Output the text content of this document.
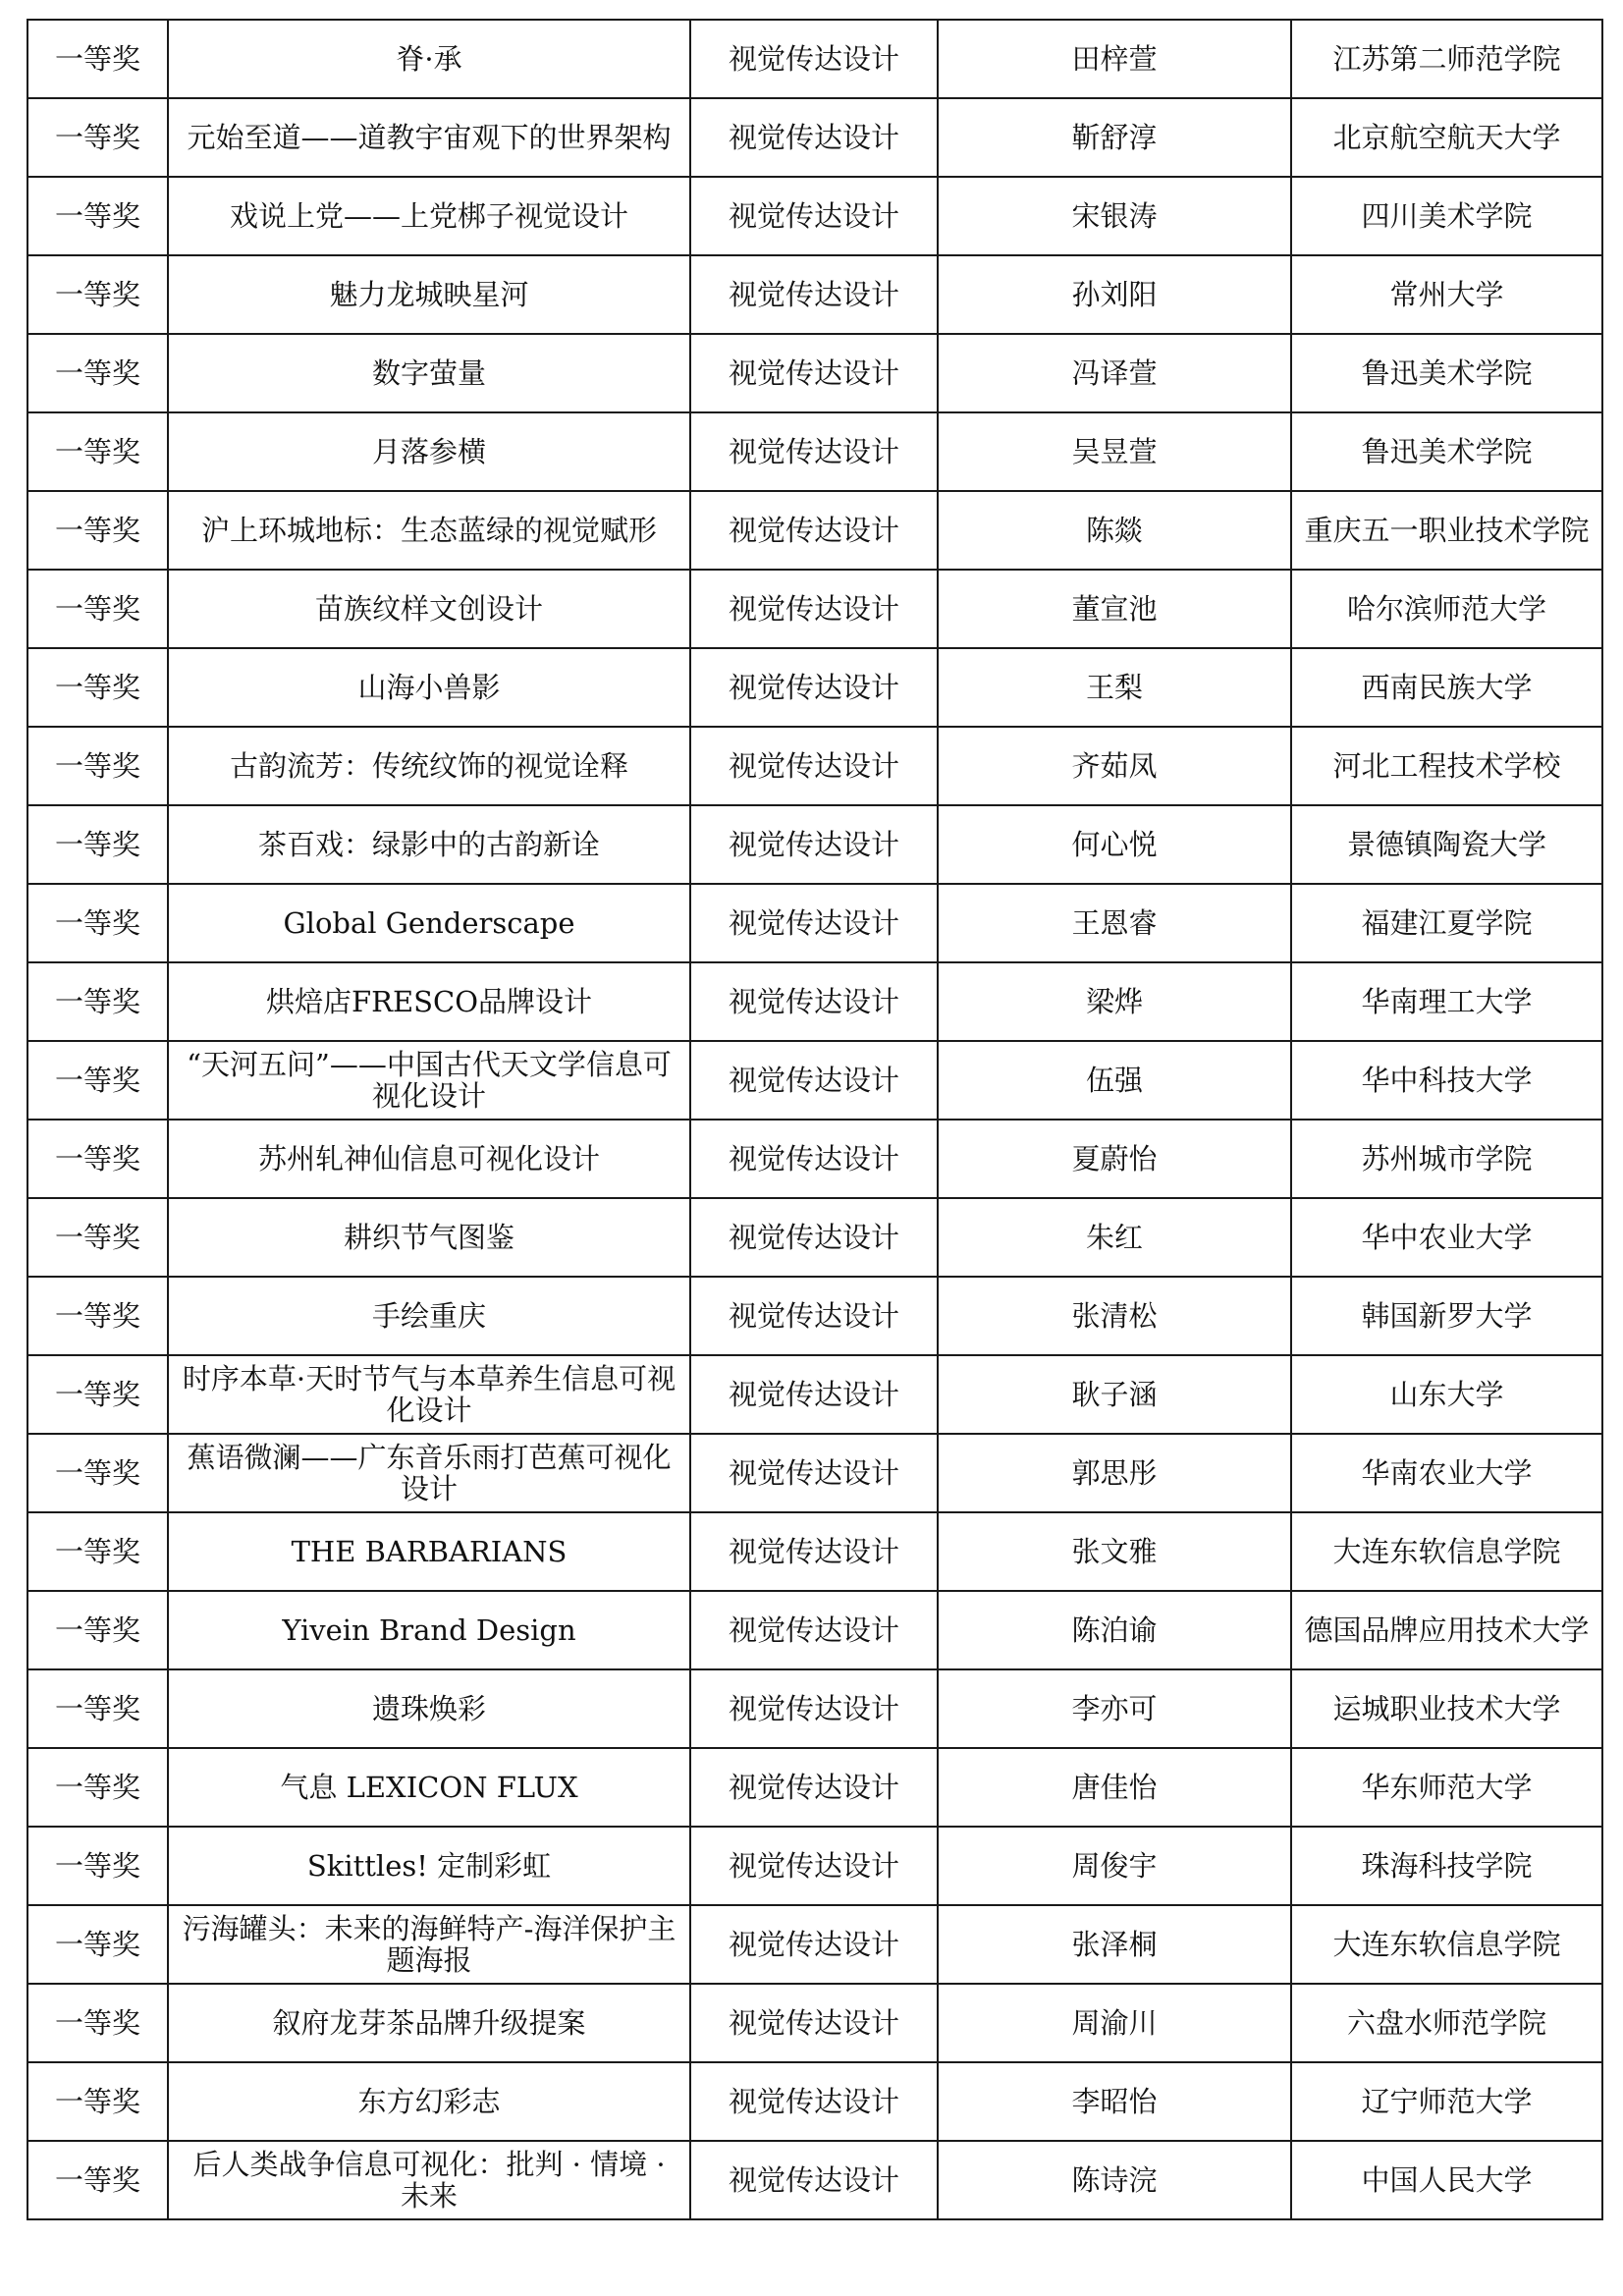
一等奖	脊·承	视觉传达设计	田梓萱	江苏第二师范学院
一等奖	元始至道——道教宇宙观下的世界架构	视觉传达设计	靳舒淳	北京航空航天大学
一等奖	戏说上党——上党梆子视觉设计	视觉传达设计	宋银涛	四川美术学院
一等奖	魅力龙城映星河	视觉传达设计	孙刘阳	常州大学
一等奖	数字萤量	视觉传达设计	冯译萱	鲁迅美术学院
一等奖	月落参横	视觉传达设计	吴昱萱	鲁迅美术学院
一等奖	沪上环城地标：生态蓝绿的视觉赋形	视觉传达设计	陈燚	重庆五一职业技术学院
一等奖	苗族纹样文创设计	视觉传达设计	董宣池	哈尔滨师范大学
一等奖	山海小兽影	视觉传达设计	王梨	西南民族大学
一等奖	古韵流芳：传统纹饰的视觉诠释	视觉传达设计	齐茹凤	河北工程技术学校
一等奖	茶百戏：绿影中的古韵新诠	视觉传达设计	何心悦	景德镇陶瓷大学
一等奖	Global Genderscape	视觉传达设计	王恩睿	福建江夏学院
一等奖	烘焙店FRESCO品牌设计	视觉传达设计	梁烨	华南理工大学
一等奖	“天河五问”——中国古代天文学信息可视化设计	视觉传达设计	伍强	华中科技大学
一等奖	苏州轧神仙信息可视化设计	视觉传达设计	夏蔚怡	苏州城市学院
一等奖	耕织节气图鉴	视觉传达设计	朱红	华中农业大学
一等奖	手绘重庆	视觉传达设计	张清松	韩国新罗大学
一等奖	时序本草·天时节气与本草养生信息可视化设计	视觉传达设计	耿子涵	山东大学
一等奖	蕉语微澜——广东音乐雨打芭蕉可视化设计	视觉传达设计	郭思彤	华南农业大学
一等奖	THE BARBARIANS	视觉传达设计	张文雅	大连东软信息学院
一等奖	Yivein Brand Design	视觉传达设计	陈泊谕	德国品牌应用技术大学
一等奖	遗珠焕彩	视觉传达设计	李亦可	运城职业技术大学
一等奖	气息 LEXICON FLUX	视觉传达设计	唐佳怡	华东师范大学
一等奖	Skittles! 定制彩虹	视觉传达设计	周俊宇	珠海科技学院
一等奖	污海罐头：未来的海鲜特产-海洋保护主题海报	视觉传达设计	张泽桐	大连东软信息学院
一等奖	叙府龙芽茶品牌升级提案	视觉传达设计	周渝川	六盘水师范学院
一等奖	东方幻彩志	视觉传达设计	李昭怡	辽宁师范大学
一等奖	后人类战争信息可视化：批判 · 情境 · 未来	视觉传达设计	陈诗浣	中国人民大学
